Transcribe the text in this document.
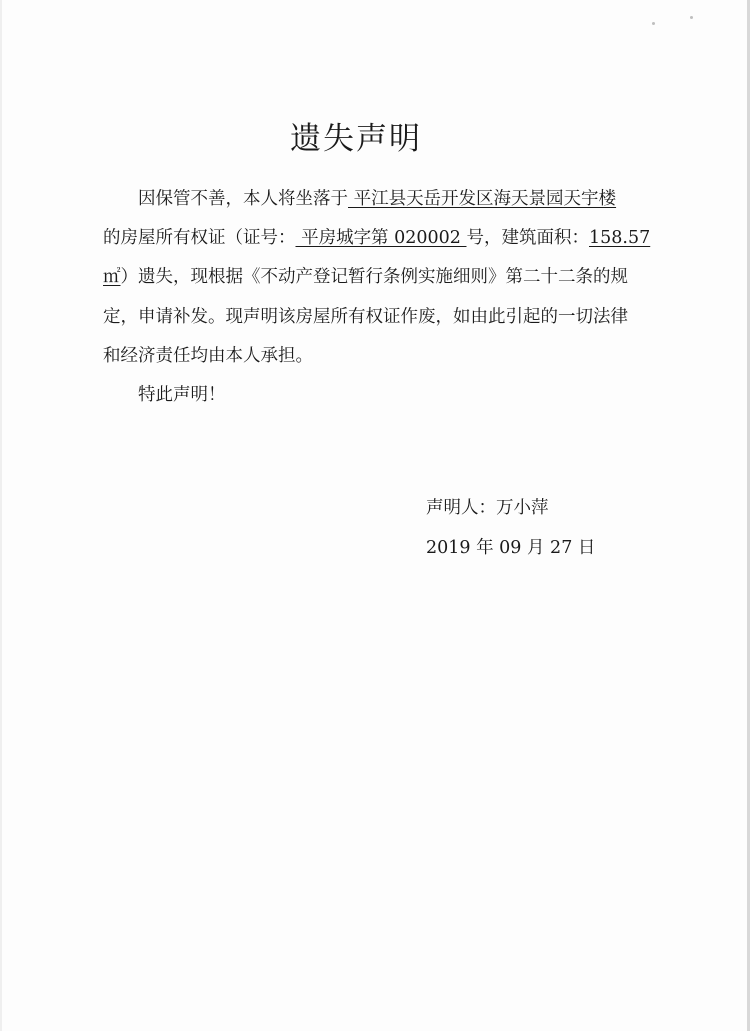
遗失声明
因保管不善，本人将坐落于 平江县天岳开发区海天景园天宇楼
的房屋所有权证（证号： 平房城字第 020002 号，建筑面积：158.57
㎡）遗失，现根据《不动产登记暂行条例实施细则》第二十二条的规
定，申请补发。现声明该房屋所有权证作废，如由此引起的一切法律
和经济责任均由本人承担。
特此声明！
声明人：万小萍
2019 年 09 月 27 日
